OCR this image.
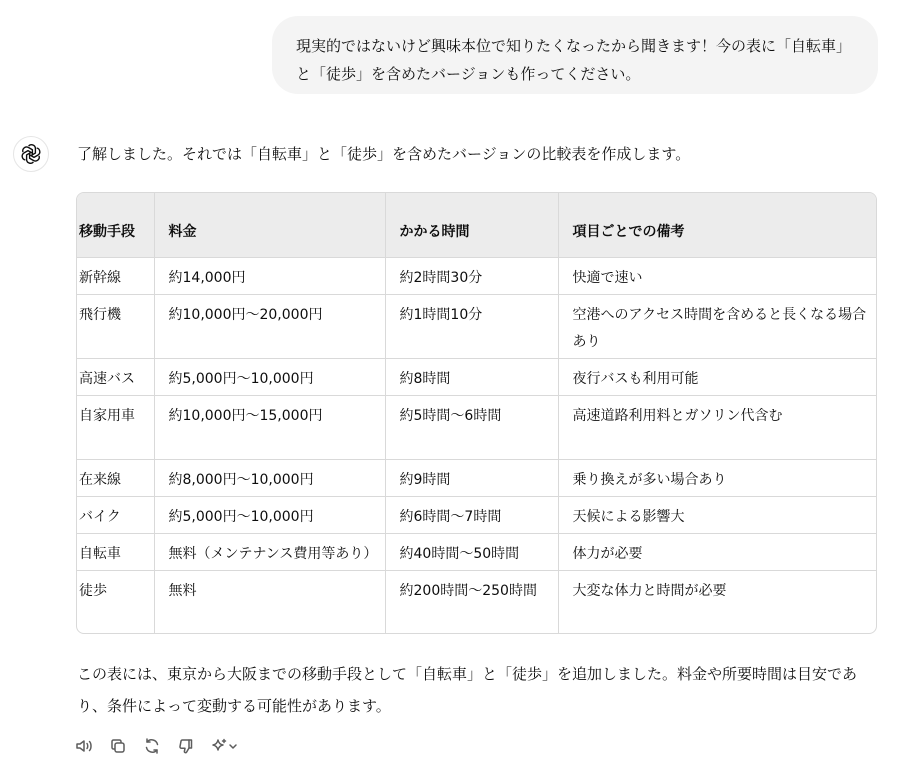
現実的ではないけど興味本位で知りたくなったから聞きます！今の表に「自転車」
と「徒歩」を含めたバージョンも作ってください。
了解しました。それでは「自転車」と「徒歩」を含めたバージョンの比較表を作成します。
移動手段	料金	かかる時間	項目ごとでの備考
新幹線	約14,000円	約2時間30分	快適で速い
飛行機	約10,000円〜20,000円	約1時間10分	空港へのアクセス時間を含めると長くなる場合あり
高速バス	約5,000円〜10,000円	約8時間	夜行バスも利用可能
自家用車	約10,000円〜15,000円	約5時間〜6時間	高速道路利用料とガソリン代含む
在来線	約8,000円〜10,000円	約9時間	乗り換えが多い場合あり
バイク	約5,000円〜10,000円	約6時間〜7時間	天候による影響大
自転車	無料（メンテナンス費用等あり）	約40時間〜50時間	体力が必要
徒歩	無料	約200時間〜250時間	大変な体力と時間が必要
この表には、東京から大阪までの移動手段として「自転車」と「徒歩」を追加しました。料金や所要時間は目安であり、条件によって変動する可能性があります。
